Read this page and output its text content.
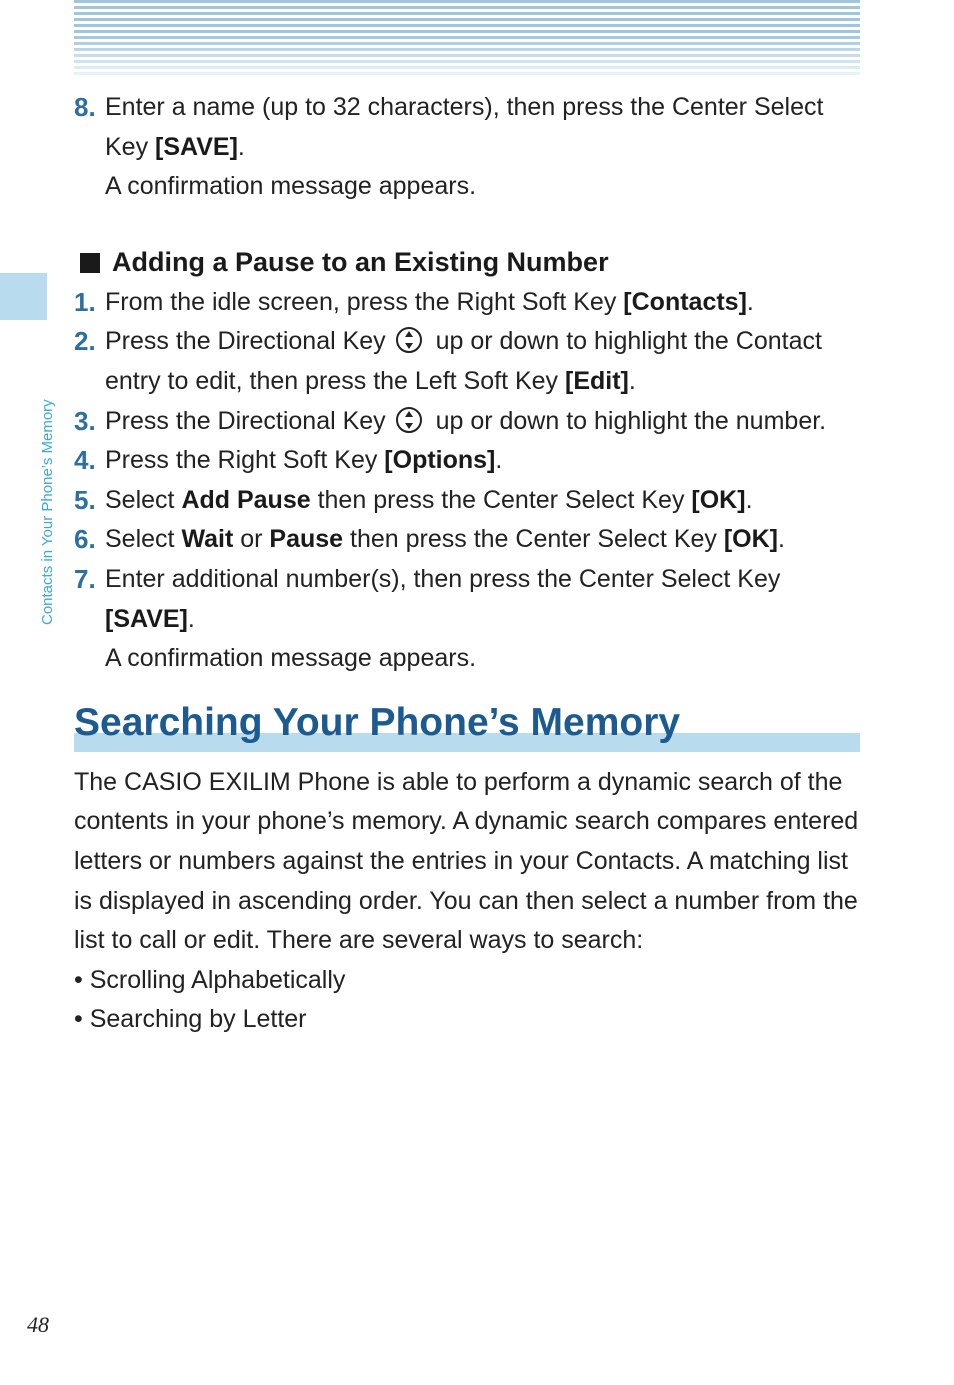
Contacts in Your Phone’s Memory
8. Enter a name (up to 32 characters), then press the Center Select Key [SAVE].
A confirmation message appears.
Adding a Pause to an Existing Number
1. From the idle screen, press the Right Soft Key [Contacts].
2. Press the Directional Key  up or down to highlight the Contact entry to edit, then press the Left Soft Key [Edit].
3. Press the Directional Key  up or down to highlight the number.
4. Press the Right Soft Key [Options].
5. Select Add Pause then press the Center Select Key [OK].
6. Select Wait or Pause then press the Center Select Key [OK].
7. Enter additional number(s), then press the Center Select Key [SAVE].
A confirmation message appears.
Searching Your Phone’s Memory
The CASIO EXILIM Phone is able to perform a dynamic search of the contents in your phone’s memory. A dynamic search compares entered letters or numbers against the entries in your Contacts. A matching list is displayed in ascending order. You can then select a number from the list to call or edit. There are several ways to search:
• Scrolling Alphabetically
• Searching by Letter
48
